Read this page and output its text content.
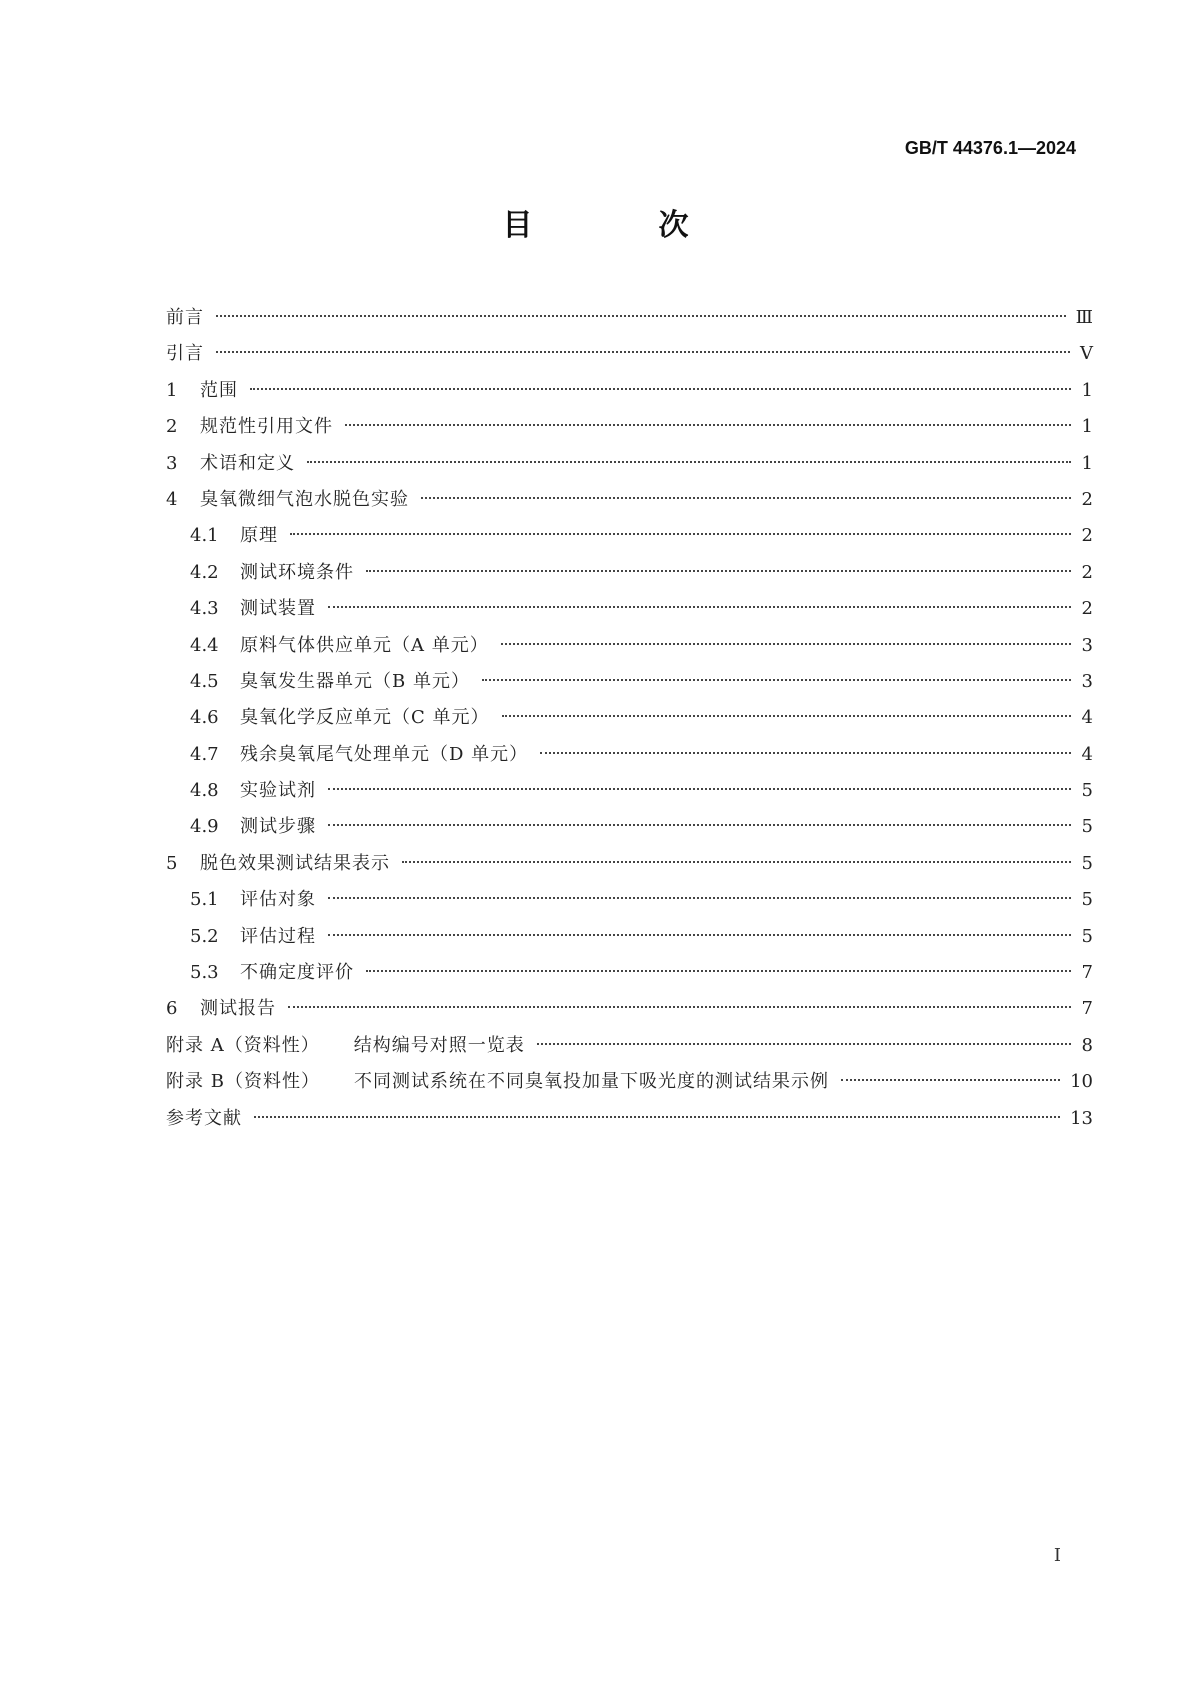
GB/T 44376.1—2024
目　次
前言	Ⅲ
引言	Ⅴ
1	范围	1
2	规范性引用文件	1
3	术语和定义	1
4	臭氧微细气泡水脱色实验	2
4.1	原理	2
4.2	测试环境条件	2
4.3	测试装置	2
4.4	原料气体供应单元（A 单元）	3
4.5	臭氧发生器单元（B 单元）	3
4.6	臭氧化学反应单元（C 单元）	4
4.7	残余臭氧尾气处理单元（D 单元）	4
4.8	实验试剂	5
4.9	测试步骤	5
5	脱色效果测试结果表示	5
5.1	评估对象	5
5.2	评估过程	5
5.3	不确定度评价	7
6	测试报告	7
附录 A（资料性）	结构编号对照一览表	8
附录 B（资料性）	不同测试系统在不同臭氧投加量下吸光度的测试结果示例	10
参考文献	13
I
